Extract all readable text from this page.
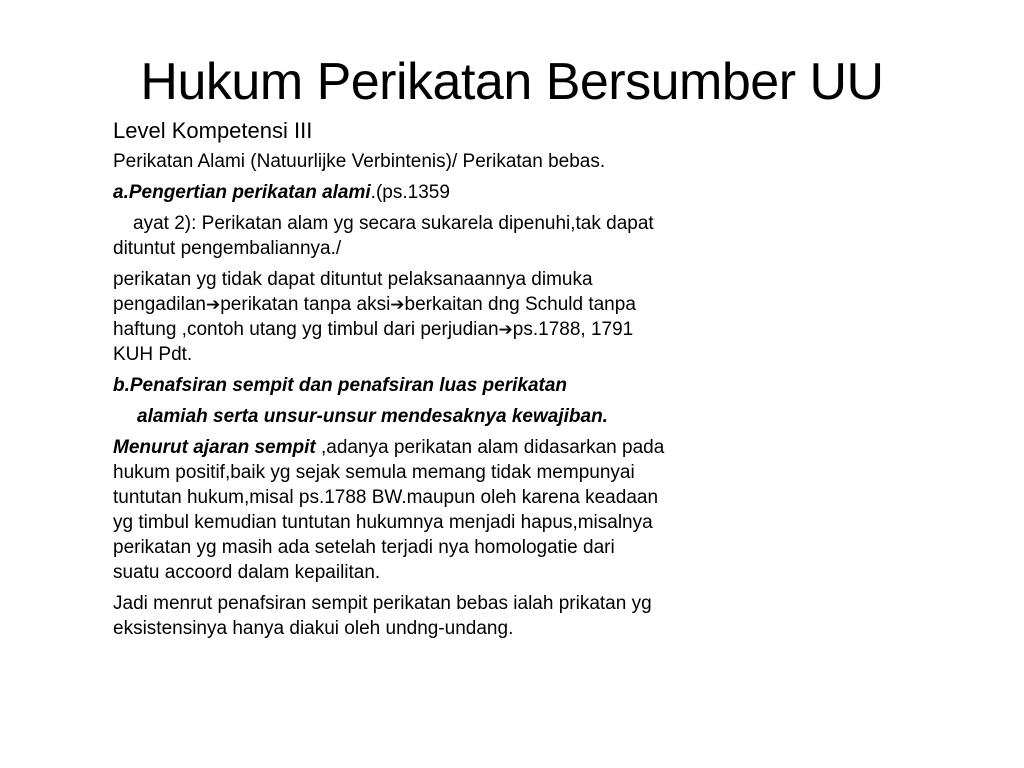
Hukum Perikatan Bersumber UU

Level Kompetensi III

Perikatan Alami (Natuurlijke Verbintenis)/ Perikatan bebas.

a.Pengertian perikatan alami.(ps.1359

ayat 2): Perikatan alam yg secara sukarela dipenuhi,tak dapat
dituntut pengembaliannya./

perikatan yg tidak dapat dituntut pelaksanaannya dimuka
pengadilan➔perikatan tanpa aksi➔berkaitan dng Schuld tanpa
haftung ,contoh utang yg timbul dari perjudian➔ps.1788, 1791
KUH Pdt.

b.Penafsiran sempit dan penafsiran luas perikatan

alamiah serta unsur-unsur mendesaknya kewajiban.

Menurut ajaran sempit ,adanya perikatan alam didasarkan pada
hukum positif,baik yg sejak semula memang tidak mempunyai
tuntutan hukum,misal ps.1788 BW.maupun oleh karena keadaan
yg timbul kemudian tuntutan hukumnya menjadi hapus,misalnya
perikatan yg masih ada setelah terjadi nya homologatie dari
suatu accoord dalam kepailitan.

Jadi menrut penafsiran sempit perikatan bebas ialah prikatan yg
eksistensinya hanya diakui oleh undng-undang.
